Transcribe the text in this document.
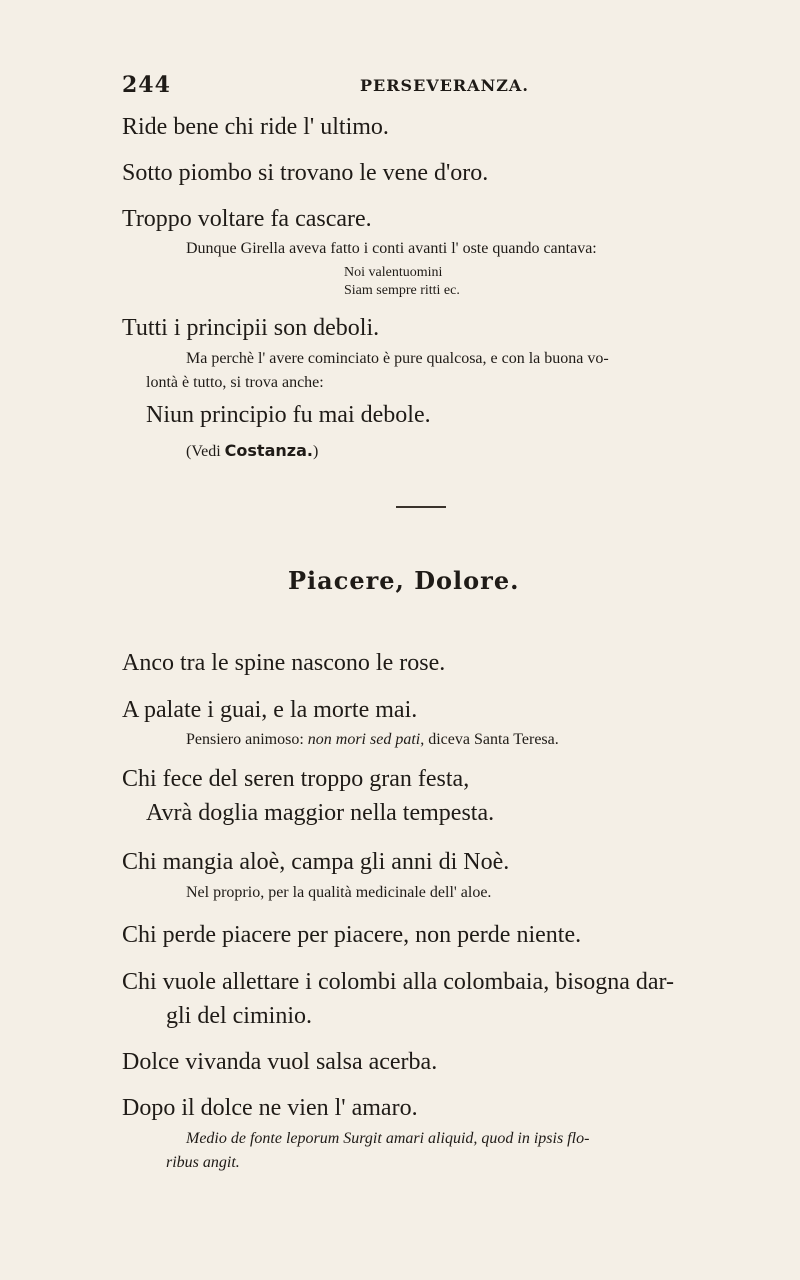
244	PERSEVERANZA.
Ride bene chi ride l' ultimo.
Sotto piombo si trovano le vene d'oro.
Troppo voltare fa cascare.
Dunque Girella aveva fatto i conti avanti l' oste quando cantava:
Noi valentuomini
Siam sempre ritti ec.
Tutti i principii son deboli.
Ma perchè l' avere cominciato è pure qualcosa, e con la buona vo-
lontà è tutto, si trova anche:
Niun principio fu mai debole.
(Vedi Costanza.)
Piacere, Dolore.
Anco tra le spine nascono le rose.
A palate i guai, e la morte mai.
Pensiero animoso: non mori sed pati, diceva Santa Teresa.
Chi fece del seren troppo gran festa,
Avrà doglia maggior nella tempesta.
Chi mangia aloè, campa gli anni di Noè.
Nel proprio, per la qualità medicinale dell' aloe.
Chi perde piacere per piacere, non perde niente.
Chi vuole allettare i colombi alla colombaia, bisogna dar-
gli del ciminio.
Dolce vivanda vuol salsa acerba.
Dopo il dolce ne vien l' amaro.
Medio de fonte leporum Surgit amari aliquid, quod in ipsis flo-
ribus angit.
